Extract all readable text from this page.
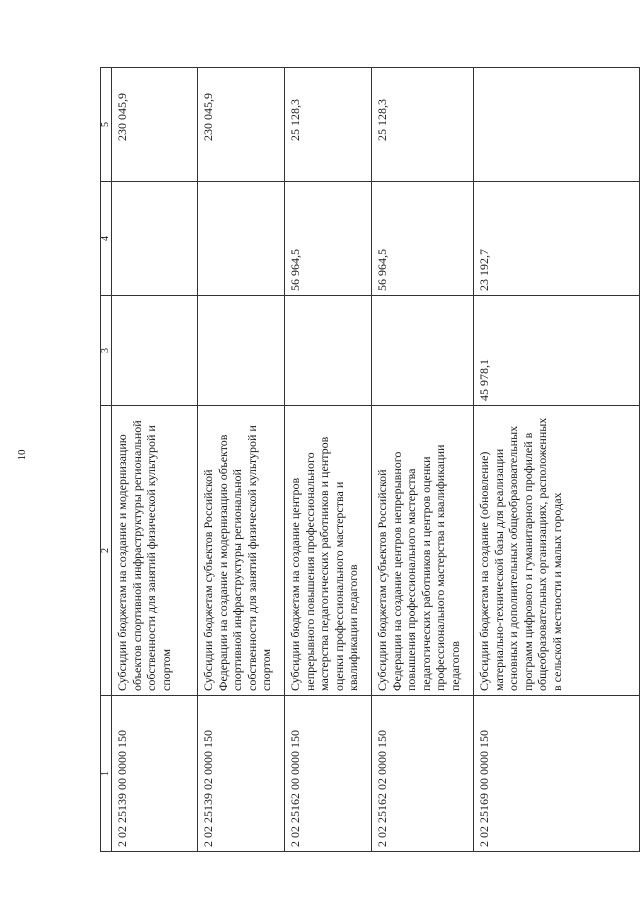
10
1	2	3	4	5
2 02 25139 00 0000 150	Субсидии бюджетам на создание и модернизацию объектов спортивной инфраструктуры региональной собственности для занятий физической культурой и спортом			230 045,9

2 02 25139 02 0000 150	Субсидии бюджетам субъектов Российской Федерации на создание и модернизацию объектов спортивной инфраструктуры региональной собственности для занятий физической культурой и спортом			230 045,9

2 02 25162 00 0000 150	Субсидии бюджетам на создание центров непрерывного повышения профессионального мастерства педагогических работников и центров оценки профессионального мастерства и квалификации педагогов		56 964,5	25 128,3

2 02 25162 02 0000 150	Субсидии бюджетам субъектов Российской Федерации на создание центров непрерывного повышения профессионального мастерства педагогических работников и центров оценки профессионального мастерства и квалификации педагогов		56 964,5	25 128,3

2 02 25169 00 0000 150	Субсидии бюджетам на создание (обновление) материально-технической базы для реализации основных и дополнительных общеобразовательных программ цифрового и гуманитарного профилей в общеобразовательных организациях, расположенных в сельской местности и малых городах	45 978,1	23 192,7	
